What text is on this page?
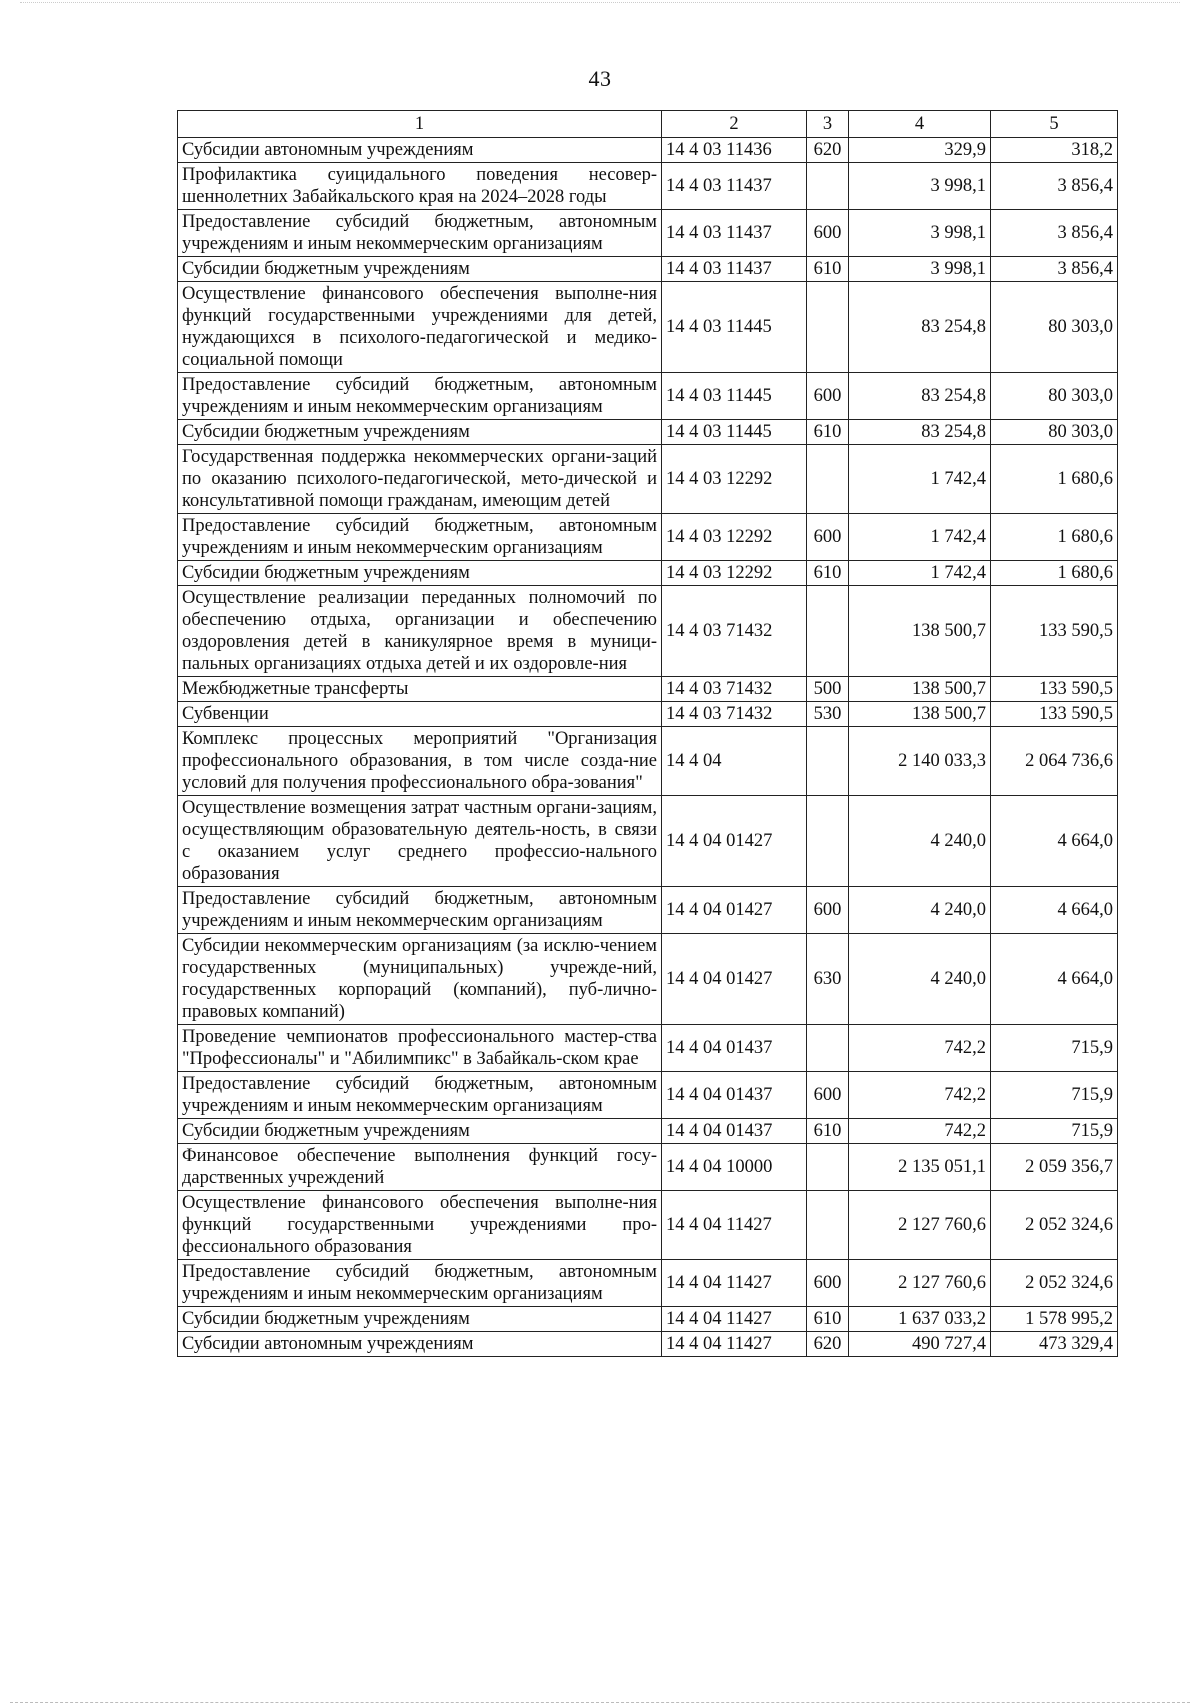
43
1	2	3	4	5
Субсидии автономным учреждениям	14 4 03 11436	620	329,9	318,2
Профилактика суицидального поведения несовер-шеннолетних Забайкальского края на 2024–2028 годы	14 4 03 11437		3 998,1	3 856,4
Предоставление субсидий бюджетным, автономным учреждениям и иным некоммерческим организациям	14 4 03 11437	600	3 998,1	3 856,4
Субсидии бюджетным учреждениям	14 4 03 11437	610	3 998,1	3 856,4
Осуществление финансового обеспечения выполне-ния функций государственными учреждениями для детей, нуждающихся в психолого-педагогической и медико-социальной помощи	14 4 03 11445		83 254,8	80 303,0
Предоставление субсидий бюджетным, автономным учреждениям и иным некоммерческим организациям	14 4 03 11445	600	83 254,8	80 303,0
Субсидии бюджетным учреждениям	14 4 03 11445	610	83 254,8	80 303,0
Государственная поддержка некоммерческих органи-заций по оказанию психолого-педагогической, мето-дической и консультативной помощи гражданам, имеющим детей	14 4 03 12292		1 742,4	1 680,6
Предоставление субсидий бюджетным, автономным учреждениям и иным некоммерческим организациям	14 4 03 12292	600	1 742,4	1 680,6
Субсидии бюджетным учреждениям	14 4 03 12292	610	1 742,4	1 680,6
Осуществление реализации переданных полномочий по обеспечению отдыха, организации и обеспечению оздоровления детей в каникулярное время в муници-пальных организациях отдыха детей и их оздоровле-ния	14 4 03 71432		138 500,7	133 590,5
Межбюджетные трансферты	14 4 03 71432	500	138 500,7	133 590,5
Субвенции	14 4 03 71432	530	138 500,7	133 590,5
Комплекс процессных мероприятий "Организация профессионального образования, в том числе созда-ние условий для получения профессионального обра-зования"	14 4 04		2 140 033,3	2 064 736,6
Осуществление возмещения затрат частным органи-зациям, осуществляющим образовательную деятель-ность, в связи с оказанием услуг среднего профессио-нального образования	14 4 04 01427		4 240,0	4 664,0
Предоставление субсидий бюджетным, автономным учреждениям и иным некоммерческим организациям	14 4 04 01427	600	4 240,0	4 664,0
Субсидии некоммерческим организациям (за исклю-чением государственных (муниципальных) учрежде-ний, государственных корпораций (компаний), пуб-лично-правовых компаний)	14 4 04 01427	630	4 240,0	4 664,0
Проведение чемпионатов профессионального мастер-ства "Профессионалы" и "Абилимпикс" в Забайкаль-ском крае	14 4 04 01437		742,2	715,9
Предоставление субсидий бюджетным, автономным учреждениям и иным некоммерческим организациям	14 4 04 01437	600	742,2	715,9
Субсидии бюджетным учреждениям	14 4 04 01437	610	742,2	715,9
Финансовое обеспечение выполнения функций госу-дарственных учреждений	14 4 04 10000		2 135 051,1	2 059 356,7
Осуществление финансового обеспечения выполне-ния функций государственными учреждениями про-фессионального образования	14 4 04 11427		2 127 760,6	2 052 324,6
Предоставление субсидий бюджетным, автономным учреждениям и иным некоммерческим организациям	14 4 04 11427	600	2 127 760,6	2 052 324,6
Субсидии бюджетным учреждениям	14 4 04 11427	610	1 637 033,2	1 578 995,2
Субсидии автономным учреждениям	14 4 04 11427	620	490 727,4	473 329,4
